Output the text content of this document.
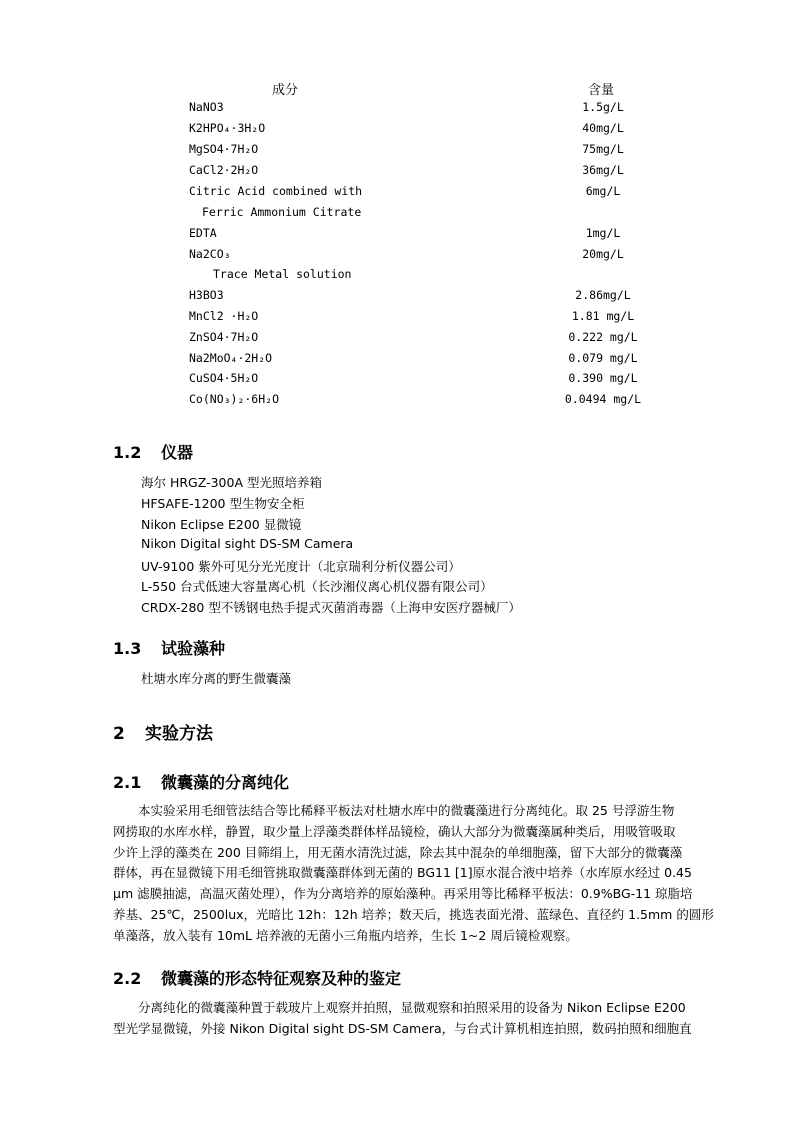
成分	含量
NaNO3	1.5g/L
K2HPO₄·3H₂O	40mg/L
MgSO4·7H₂O	75mg/L
CaCl2·2H₂O	36mg/L
Citric Acid combined with	6mg/L
Ferric Ammonium Citrate
EDTA	1mg/L
Na2CO₃	20mg/L
Trace Metal solution
H3BO3	2.86mg/L
MnCl2 ·H₂O	1.81 mg/L
ZnSO4·7H₂O	0.222 mg/L
Na2MoO₄·2H₂O	0.079 mg/L
CuSO4·5H₂O	0.390 mg/L
Co(NO₃)₂·6H₂O	0.0494 mg/L
1.2 仪器
海尔 HRGZ-300A 型光照培养箱
HFSAFE-1200 型生物安全柜
Nikon Eclipse E200 显微镜
Nikon Digital sight DS-SM Camera
UV-9100 紫外可见分光光度计（北京瑞利分析仪器公司）
L-550 台式低速大容量离心机（长沙湘仪离心机仪器有限公司）
CRDX-280 型不锈钢电热手提式灭菌消毒器（上海申安医疗器械厂）
1.3 试验藻种
杜塘水库分离的野生微囊藻
2 实验方法
2.1 微囊藻的分离纯化
　　本实验采用毛细管法结合等比稀释平板法对杜塘水库中的微囊藻进行分离纯化。取 25 号浮游生物
网捞取的水库水样，静置，取少量上浮藻类群体样品镜检，确认大部分为微囊藻属种类后，用吸管吸取
少许上浮的藻类在 200 目筛绢上，用无菌水清洗过滤，除去其中混杂的单细胞藻，留下大部分的微囊藻
群体，再在显微镜下用毛细管挑取微囊藻群体到无菌的 BG11 [1]原水混合液中培养（水库原水经过 0.45
μm 滤膜抽滤，高温灭菌处理），作为分离培养的原始藻种。再采用等比稀释平板法：0.9%BG-11 琼脂培
养基、25℃，2500lux，光暗比 12h：12h 培养；数天后，挑选表面光滑、蓝绿色、直径约 1.5mm 的圆形
单藻落，放入装有 10mL 培养液的无菌小三角瓶内培养，生长 1~2 周后镜检观察。
2.2 微囊藻的形态特征观察及种的鉴定
　　分离纯化的微囊藻种置于载玻片上观察并拍照，显微观察和拍照采用的设备为 Nikon Eclipse E200
型光学显微镜，外接 Nikon Digital sight DS-SM Camera，与台式计算机相连拍照，数码拍照和细胞直
